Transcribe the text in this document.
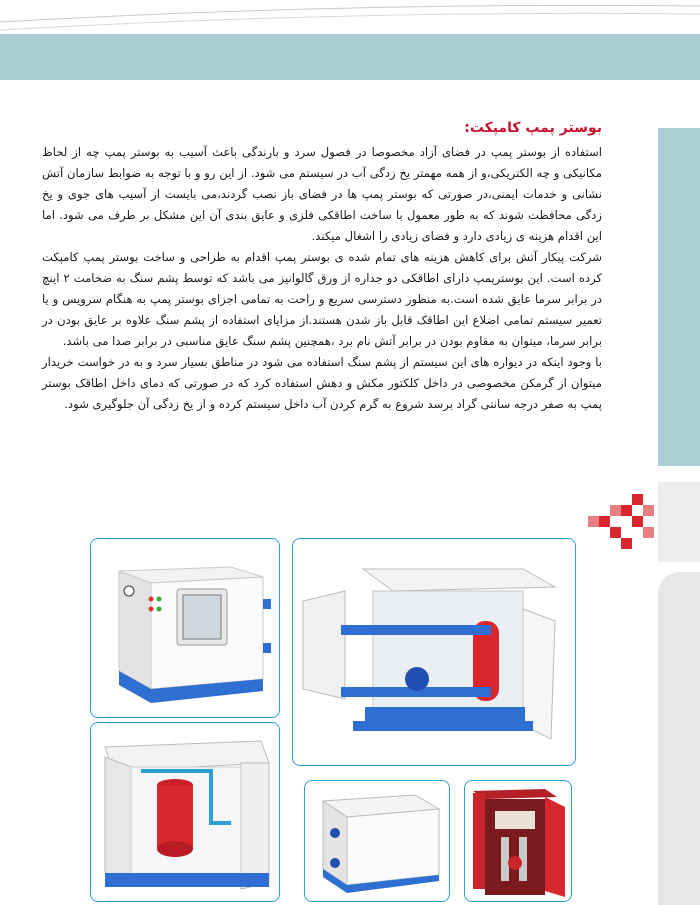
بوستر پمپ کامپکت:

استفاده از بوستر پمپ در فضای آزاد مخصوصا در فصول سرد و بارندگی باعث آسیب به بوستر پمپ چه از لحاظ مکانیکی و چه الکتریکی،و از همه مهمتر یخ زدگی آب در سیستم می شود. از این رو و با توجه به ضوابط سازمان آتش نشانی و خدمات ایمنی،در صورتی که بوستر پمپ ها در فضای باز نصب گردند،می بایست از آسیب های جوی و یخ زدگی محافظت شوند که به طور معمول با ساخت اطاقکی فلزی و عایق بندی آن این مشکل بر طرف می شود. اما این اقدام هزینه ی زیادی دارد و فضای زیادی را اشغال میکند.

شرکت پیکار آتش برای کاهش هزینه های تمام شده ی بوستر پمپ اقدام به طراحی و ساخت بوستر پمپ کامپکت کرده است. این بوسترپمپ دارای اطاقکی دو جداره از ورق گالوانیز می باشد که توسط پشم سنگ به ضخامت ۲ اینچ در برابر سرما عایق شده است.به منظور دسترسی سریع و راحت به تمامی اجزای بوستر پمپ به هنگام سرویس و یا تعمیر سیستم تمامی اضلاع این اطاقک قابل باز شدن هستند.از مزایای استفاده از پشم سنگ علاوه بر عایق بودن در برابر سرما، میتوان به مقاوم بودن در برابر آتش نام برد ،همچنین پشم سنگ عایق مناسبی در برابر صدا می باشد.

با وجود اینکه در دیواره های این سیستم از پشم سنگ استفاده می شود در مناطق بسیار سرد و به در خواست خریدار میتوان از گرمکن مخصوصی در داخل کلکتور مکش و دهش استفاده کرد که در صورتی که دمای داخل اطاقک بوستر پمپ به صفر درجه سانتی گراد برسد شروع به گرم کردن آب داخل سیستم کرده و از یخ زدگی آن جلوگیری شود.
